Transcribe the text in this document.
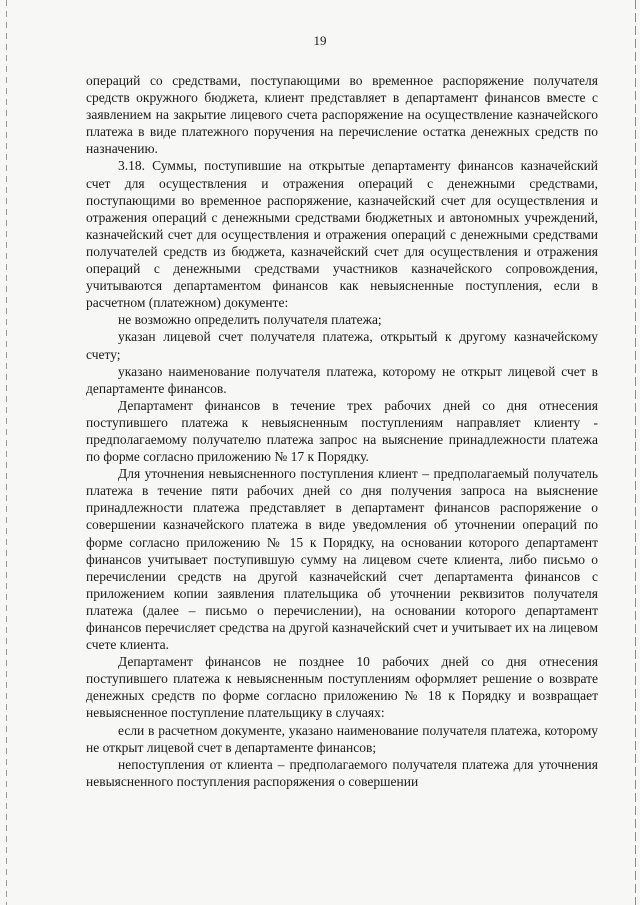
19

операций со средствами, поступающими во временное распоряжение получателя средств окружного бюджета, клиент представляет в департамент финансов вместе с заявлением на закрытие лицевого счета распоряжение на осуществление казначейского платежа в виде платежного поручения на перечисление остатка денежных средств по назначению.

3.18. Суммы, поступившие на открытые департаменту финансов казначейский счет для осуществления и отражения операций с денежными средствами, поступающими во временное распоряжение, казначейский счет для осуществления и отражения операций с денежными средствами бюджетных и автономных учреждений, казначейский счет для осуществления и отражения операций с денежными средствами получателей средств из бюджета, казначейский счет для осуществления и отражения операций с денежными средствами участников казначейского сопровождения, учитываются департаментом финансов как невыясненные поступления, если в расчетном (платежном) документе:

не возможно определить получателя платежа;

указан лицевой счет получателя платежа, открытый к другому казначейскому счету;

указано наименование получателя платежа, которому не открыт лицевой счет в департаменте финансов.

Департамент финансов в течение трех рабочих дней со дня отнесения поступившего платежа к невыясненным поступлениям направляет клиенту - предполагаемому получателю платежа запрос на выяснение принадлежности платежа по форме согласно приложению № 17 к Порядку.

Для уточнения невыясненного поступления клиент – предполагаемый получатель платежа в течение пяти рабочих дней со дня получения запроса на выяснение принадлежности платежа представляет в департамент финансов распоряжение о совершении казначейского платежа в виде уведомления об уточнении операций по форме согласно приложению № 15 к Порядку, на основании которого департамент финансов учитывает поступившую сумму на лицевом счете клиента, либо письмо о перечислении средств на другой казначейский счет департамента финансов с приложением копии заявления плательщика об уточнении реквизитов получателя платежа (далее – письмо о перечислении), на основании которого департамент финансов перечисляет средства на другой казначейский счет и учитывает их на лицевом счете клиента.

Департамент финансов не позднее 10 рабочих дней со дня отнесения поступившего платежа к невыясненным поступлениям оформляет решение о возврате денежных средств по форме согласно приложению № 18 к Порядку и возвращает невыясненное поступление плательщику в случаях:

если в расчетном документе, указано наименование получателя платежа, которому не открыт лицевой счет в департаменте финансов;

непоступления от клиента – предполагаемого получателя платежа для уточнения невыясненного поступления распоряжения о совершении
